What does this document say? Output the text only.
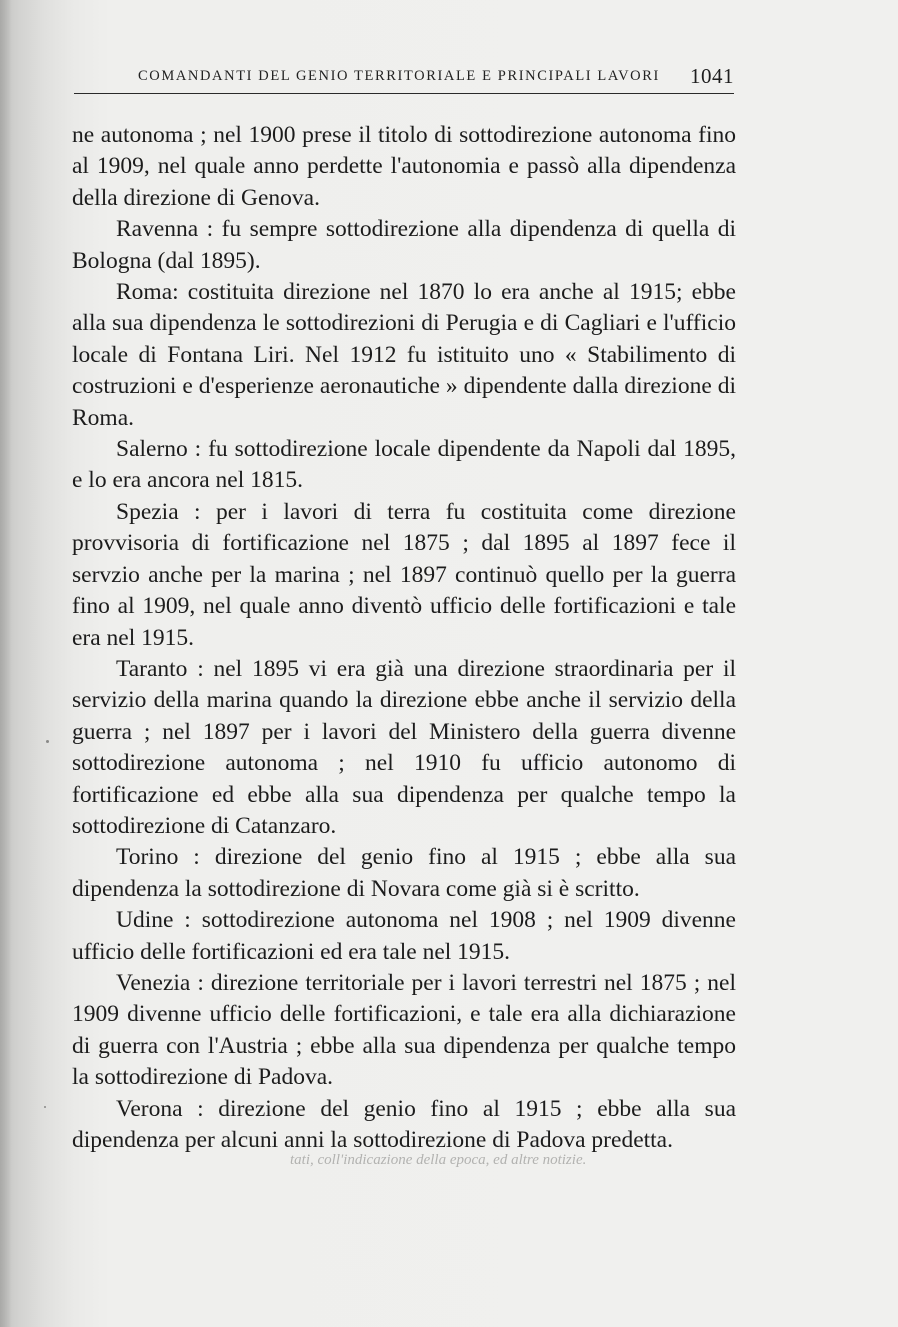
COMANDANTI DEL GENIO TERRITORIALE E PRINCIPALI LAVORI 1041

ne autonoma ; nel 1900 prese il titolo di sottodirezione autonoma fino al 1909, nel quale anno perdette l'autonomia e passò alla dipendenza della direzione di Genova.

Ravenna : fu sempre sottodirezione alla dipendenza di quella di Bologna (dal 1895).

Roma: costituita direzione nel 1870 lo era anche al 1915; ebbe alla sua dipendenza le sottodirezioni di Perugia e di Cagliari e l'ufficio locale di Fontana Liri. Nel 1912 fu istituito uno « Stabilimento di costruzioni e d'esperienze aeronautiche » dipendente dalla direzione di Roma.

Salerno : fu sottodirezione locale dipendente da Napoli dal 1895, e lo era ancora nel 1815.

Spezia : per i lavori di terra fu costituita come direzione provvisoria di fortificazione nel 1875 ; dal 1895 al 1897 fece il servzio anche per la marina ; nel 1897 continuò quello per la guerra fino al 1909, nel quale anno diventò ufficio delle fortificazioni e tale era nel 1915.

Taranto : nel 1895 vi era già una direzione straordinaria per il servizio della marina quando la direzione ebbe anche il servizio della guerra ; nel 1897 per i lavori del Ministero della guerra divenne sottodirezione autonoma ; nel 1910 fu ufficio autonomo di fortificazione ed ebbe alla sua dipendenza per qualche tempo la sottodirezione di Catanzaro.

Torino : direzione del genio fino al 1915 ; ebbe alla sua dipendenza la sottodirezione di Novara come già si è scritto.

Udine : sottodirezione autonoma nel 1908 ; nel 1909 divenne ufficio delle fortificazioni ed era tale nel 1915.

Venezia : direzione territoriale per i lavori terrestri nel 1875 ; nel 1909 divenne ufficio delle fortificazioni, e tale era alla dichiarazione di guerra con l'Austria ; ebbe alla sua dipendenza per qualche tempo la sottodirezione di Padova.

Verona : direzione del genio fino al 1915 ; ebbe alla sua dipendenza per alcuni anni la sottodirezione di Padova predetta.

tati, coll'indicazione della epoca, ed altre notizie.
